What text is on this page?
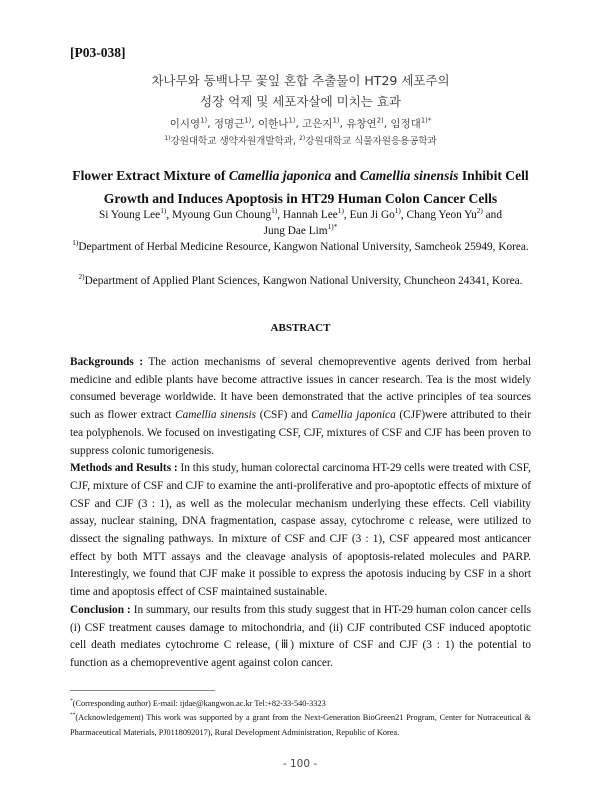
[P03-038]
차나무와 동백나무 꽃잎 혼합 추출물이 HT29 세포주의
성장 억제 및 세포자살에 미치는 효과
이시영$^{1)}$, 정명근$^{1)}$, 이한나$^{1)}$, 고은지$^{1)}$, 유창연$^{2)}$, 임정대$^{1)*}$
$^{1)}$강원대학교 생약자원개발학과, $^{2)}$강원대학교 식물자원응용공학과
Flower Extract Mixture of Camellia japonica and Camellia sinensis Inhibit Cell
Growth and Induces Apoptosis in HT29 Human Colon Cancer Cells
Si Young Lee$^{1)}$, Myoung Gun Choung$^{1)}$, Hannah Lee$^{1)}$, Eun Ji Go$^{1)}$, Chang Yeon Yu$^{2)}$ and
Jung Dae Lim$^{1)*}$
$^{1)}$Department of Herbal Medicine Resource, Kangwon National University, Samcheok 25949, Korea.
$^{2)}$Department of Applied Plant Sciences, Kangwon National University, Chuncheon 24341, Korea.
ABSTRACT

Backgrounds : The action mechanisms of several chemopreventive agents derived from herbal medicine and edible plants have become attractive issues in cancer research. Tea is the most widely consumed beverage worldwide. It have been demonstrated that the active principles of tea sources such as flower extract Camellia sinensis (CSF) and Camellia japonica (CJF)were attributed to their tea polyphenols. We focused on investigating CSF, CJF, mixtures of CSF and CJF has been proven to suppress colonic tumorigenesis.

Methods and Results : In this study, human colorectal carcinoma HT-29 cells were treated with CSF, CJF, mixture of CSF and CJF to examine the anti-proliferative and pro-apoptotic effects of mixture of CSF and CJF (3 : 1), as well as the molecular mechanism underlying these effects. Cell viability assay, nuclear staining, DNA fragmentation, caspase assay, cytochrome c release, were utilized to dissect the signaling pathways. In mixture of CSF and CJF (3 : 1), CSF appeared most anticancer effect by both MTT assays and the cleavage analysis of apoptosis-related molecules and PARP. Interestingly, we found that CJF make it possible to express the apotosis inducing by CSF in a short time and apoptosis effect of CSF maintained sustainable.

Conclusion : In summary, our results from this study suggest that in HT-29 human colon cancer cells (i) CSF treatment causes damage to mitochondria, and (ii) CJF contributed CSF induced apoptotic cell death mediates cytochrome C release, (ⅲ) mixture of CSF and CJF (3 : 1) the potential to function as a chemopreventive agent against colon cancer.

*(Corresponding author) E-mail: ijdae@kangwon.ac.kr Tel:+82-33-540-3323
**(Acknowledgement) This work was supported by a grant from the Next-Generation BioGreen21 Program, Center for Nutraceutical & Pharmaceutical Materials, PJ0118092017), Rural Development Administration, Republic of Korea.
- 100 -
